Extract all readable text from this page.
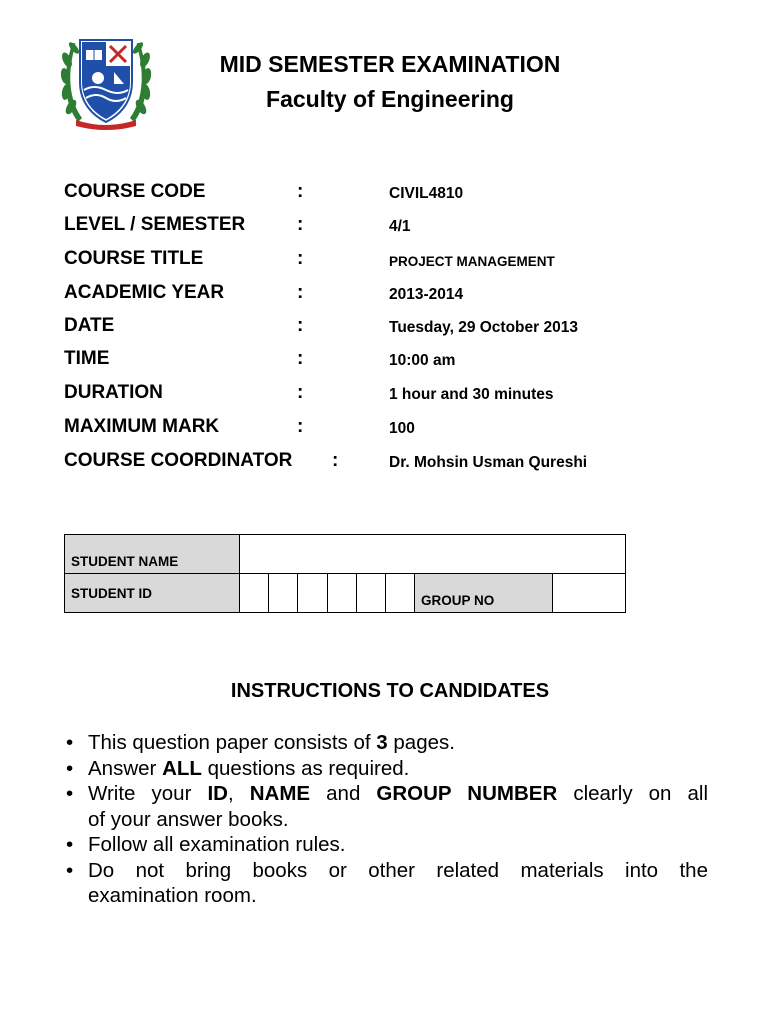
MID SEMESTER EXAMINATION
Faculty of Engineering
COURSE CODE	:	CIVIL4810
LEVEL / SEMESTER	:	4/1
COURSE TITLE	:	PROJECT MANAGEMENT
ACADEMIC YEAR	:	2013-2014
DATE	:	Tuesday, 29 October 2013
TIME	:	10:00 am
DURATION	:	1 hour and 30 minutes
MAXIMUM MARK	:	100
COURSE COORDINATOR :	Dr. Mohsin Usman Qureshi
STUDENT NAME								
STUDENT ID							GROUP NO	
INSTRUCTIONS TO CANDIDATES
• This question paper consists of 3 pages.
• Answer ALL questions as required.
• Write your ID, NAME and GROUP NUMBER clearly on all
of your answer books.
• Follow all examination rules.
• Do not bring books or other related materials into the
examination room.
